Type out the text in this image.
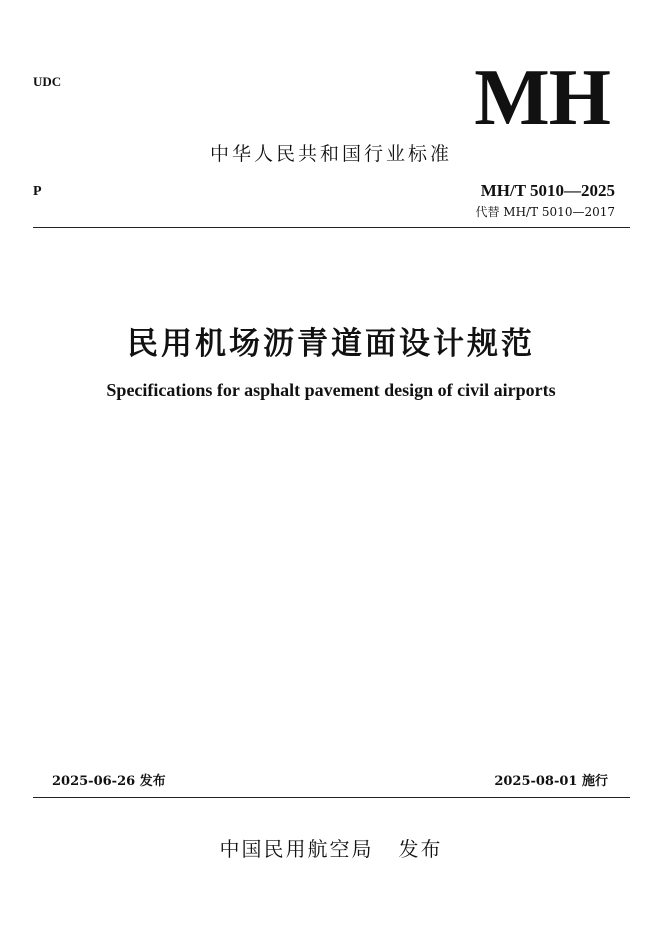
UDC	MH
中华人民共和国行业标准
P	MH/T 5010—2025
代替 MH/T 5010—2017
民用机场沥青道面设计规范
Specifications for asphalt pavement design of civil airports
2025-06-26 发布	2025-08-01 施行
中国民用航空局   发布
